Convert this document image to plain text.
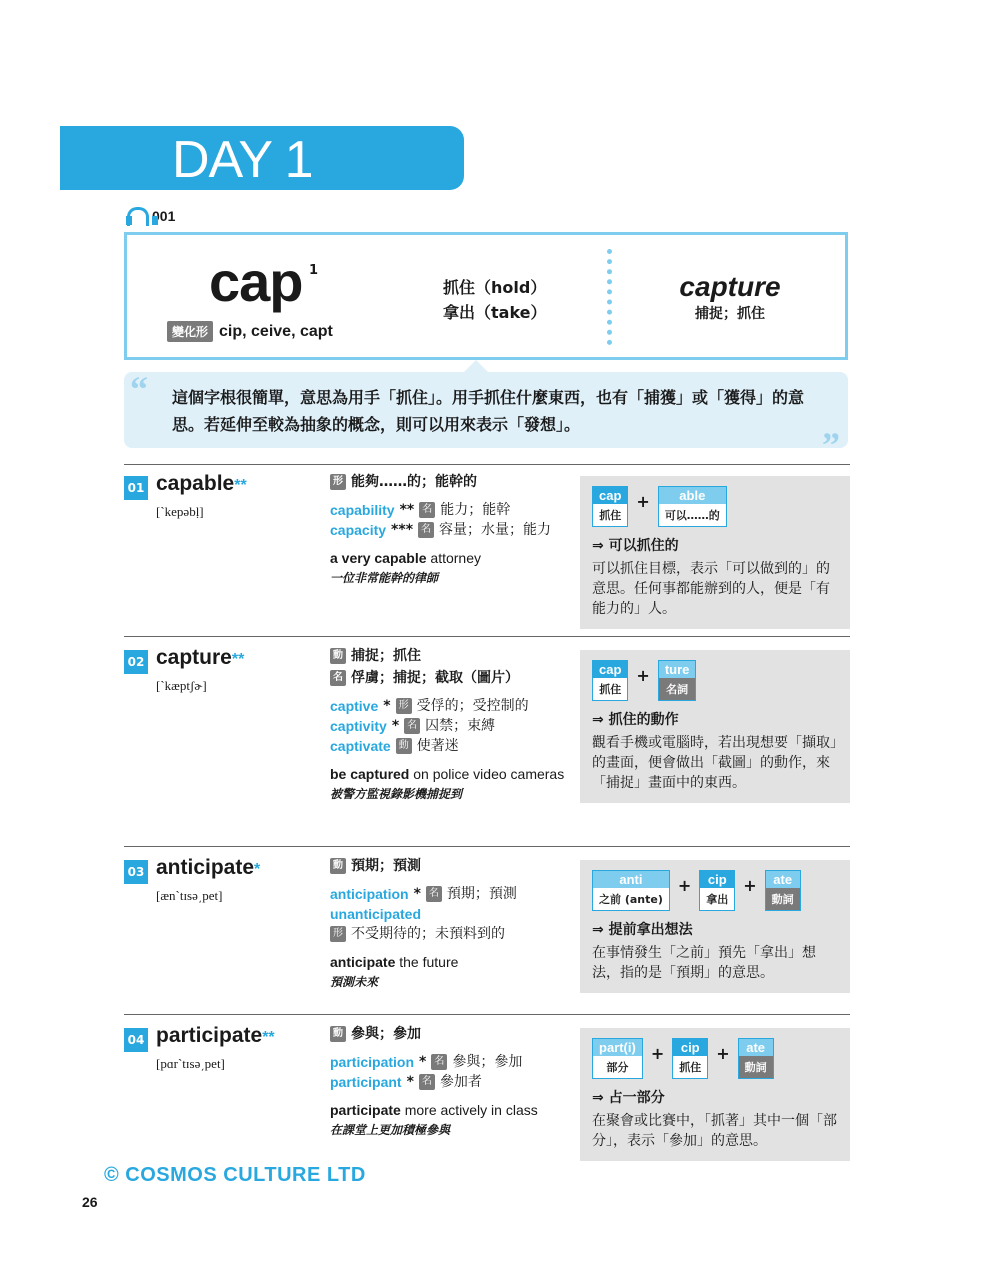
DAY 1
001
cap 1
變化形 cip, ceive, capt
抓住（hold）
拿出（take）
capture
捕捉；抓住
“ 這個字根很簡單，意思為用手「抓住」。用手抓住什麼東西，也有「捕獲」或「獲得」的意思。若延伸至較為抽象的概念，則可以用來表示「發想」。

”
01 capable**
[ˋkepəbḷ]
形 能夠……的；能幹的
capability ** 名 能力；能幹
capacity *** 名 容量；水量；能力
a very capable attorney
一位非常能幹的律師
cap
抓住
+	able
可以……的
⇒ 可以抓住的
可以抓住目標，表示「可以做到的」的意思。任何事都能辦到的人，便是「有能力的」人。
02 capture**
[ˋkæptʃɚ]
動 捕捉；抓住
名 俘虜；捕捉；截取（圖片）
captive * 形 受俘的；受控制的
captivity * 名 囚禁；束縛
captivate 動 使著迷
be captured on police video cameras
被警方監視錄影機捕捉到
cap
抓住
+	ture
名詞
⇒ 抓住的動作
觀看手機或電腦時，若出現想要「擷取」的畫面，便會做出「截圖」的動作，來「捕捉」畫面中的東西。
03 anticipate*
[ænˋtɪsə͵pet]
動 預期；預測
anticipation * 名 預期；預測
unanticipated
形 不受期待的；未預料到的
anticipate the future
預測未來
anti
之前 (ante)
+	cip
拿出
+	ate
動詞
⇒ 提前拿出想法
在事情發生「之前」預先「拿出」想法，指的是「預期」的意思。
04 participate**
[pɑrˋtɪsə͵pet]
動 參與；參加
participation * 名 參與；參加
participant * 名 參加者
participate more actively in class
在課堂上更加積極參與
part(i)
部分
+	cip
抓住
+	ate
動詞
⇒ 占一部分
在聚會或比賽中，「抓著」其中一個「部分」，表示「參加」的意思。
© COSMOS CULTURE LTD
26
